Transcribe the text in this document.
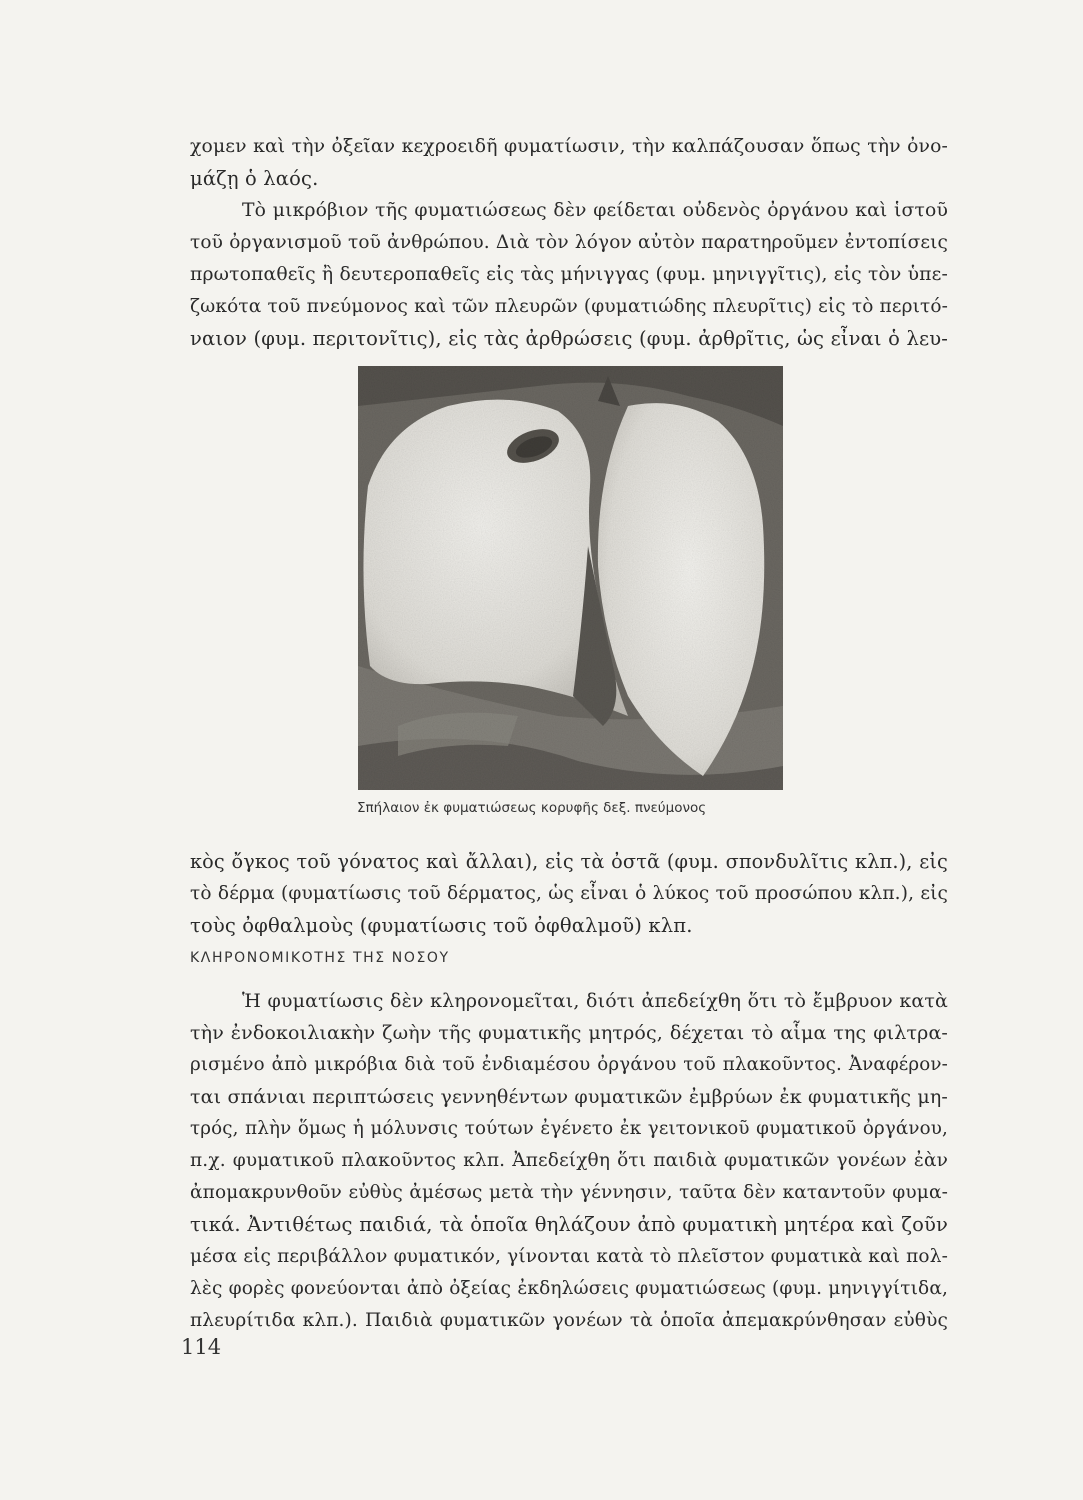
χομεν καὶ τὴν ὀξεῖαν κεχροειδῆ φυματίωσιν, τὴν καλπάζουσαν ὅπως τὴν ὀνο-
μάζῃ ὁ λαός.
Τὸ μικρόβιον τῆς φυματιώσεως δὲν φείδεται οὐδενὸς ὀργάνου καὶ ἱστοῦ
τοῦ ὀργανισμοῦ τοῦ ἀνθρώπου. Διὰ τὸν λόγον αὐτὸν παρατηροῦμεν ἐντοπίσεις
πρωτοπαθεῖς ἢ δευτεροπαθεῖς εἰς τὰς μήνιγγας (φυμ. μηνιγγῖτις), εἰς τὸν ὑπε-
ζωκότα τοῦ πνεύμονος καὶ τῶν πλευρῶν (φυματιώδης πλευρῖτις) εἰς τὸ περιτό-
ναιον (φυμ. περιτονῖτις), εἰς τὰς ἀρθρώσεις (φυμ. ἀρθρῖτις, ὡς εἶναι ὁ λευ-
Σπήλαιον ἐκ φυματιώσεως κορυφῆς δεξ. πνεύμονος
κὸς ὄγκος τοῦ γόνατος καὶ ἄλλαι), εἰς τὰ ὀστᾶ (φυμ. σπονδυλῖτις κλπ.), εἰς
τὸ δέρμα (φυματίωσις τοῦ δέρματος, ὡς εἶναι ὁ λύκος τοῦ προσώπου κλπ.), εἰς
τοὺς ὀφθαλμοὺς (φυματίωσις τοῦ ὀφθαλμοῦ) κλπ.
ΚΛΗΡΟΝΟΜΙΚΟΤΗΣ ΤΗΣ ΝΟΣΟΥ
Ἡ φυματίωσις δὲν κληρονομεῖται, διότι ἀπεδείχθη ὅτι τὸ ἔμβρυον κατὰ
τὴν ἐνδοκοιλιακὴν ζωὴν τῆς φυματικῆς μητρός, δέχεται τὸ αἷμα της φιλτρα-
ρισμένο ἀπὸ μικρόβια διὰ τοῦ ἐνδιαμέσου ὀργάνου τοῦ πλακοῦντος. Ἀναφέρον-
ται σπάνιαι περιπτώσεις γεννηθέντων φυματικῶν ἐμβρύων ἐκ φυματικῆς μη-
τρός, πλὴν ὅμως ἡ μόλυνσις τούτων ἐγένετο ἐκ γειτονικοῦ φυματικοῦ ὀργάνου,
π.χ. φυματικοῦ πλακοῦντος κλπ. Ἀπεδείχθη ὅτι παιδιὰ φυματικῶν γονέων ἐὰν
ἀπομακρυνθοῦν εὐθὺς ἀμέσως μετὰ τὴν γέννησιν, ταῦτα δὲν καταντοῦν φυμα-
τικά. Ἀντιθέτως παιδιά, τὰ ὁποῖα θηλάζουν ἀπὸ φυματικὴ μητέρα καὶ ζοῦν
μέσα εἰς περιβάλλον φυματικόν, γίνονται κατὰ τὸ πλεῖστον φυματικὰ καὶ πολ-
λὲς φορὲς φονεύονται ἀπὸ ὀξείας ἐκδηλώσεις φυματιώσεως (φυμ. μηνιγγίτιδα,
πλευρίτιδα κλπ.). Παιδιὰ φυματικῶν γονέων τὰ ὁποῖα ἀπεμακρύνθησαν εὐθὺς
114
